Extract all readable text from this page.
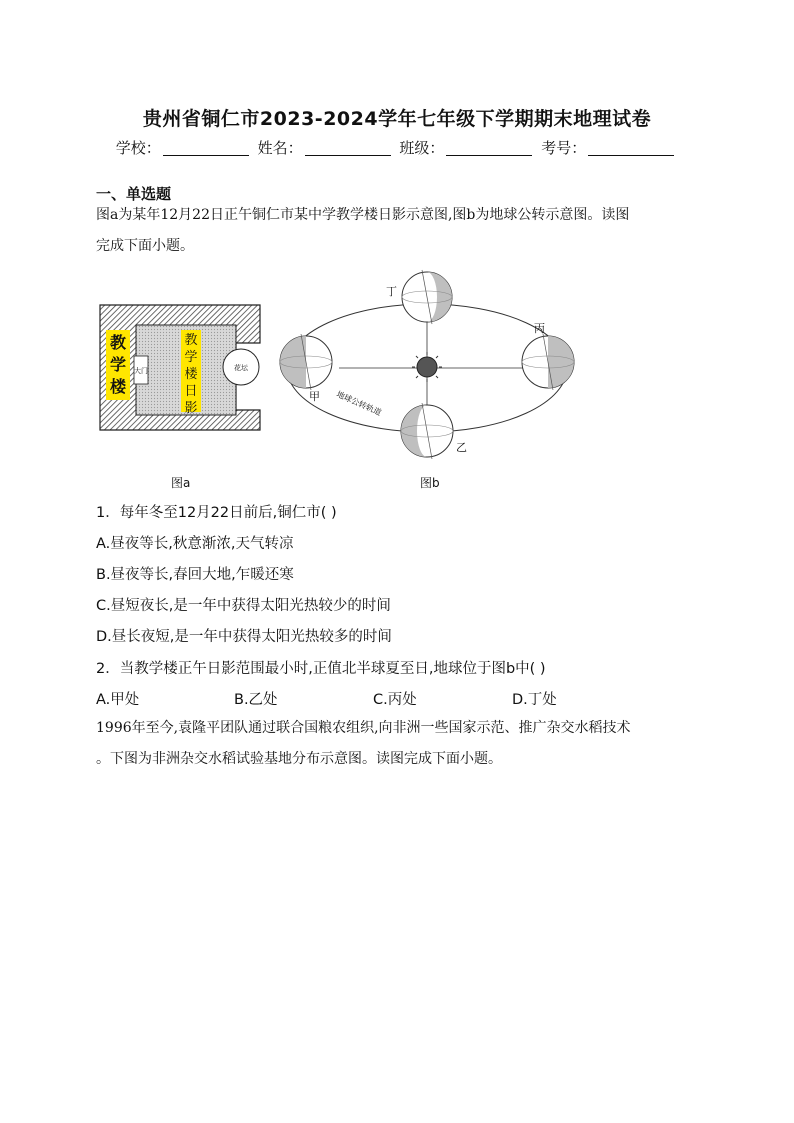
贵州省铜仁市2023-2024学年七年级下学期期末地理试卷
学校：	姓名：	班级：	考号：
一、单选题
图a为某年12月22日正午铜仁市某中学教学楼日影示意图,图b为地球公转示意图。读图
完成下面小题。
教
学
楼
教
学
楼
日
影
大门	花坛
丁
丙
甲
乙
地球公转轨道
图a	图b
1．每年冬至12月22日前后,铜仁市( )
A.昼夜等长,秋意渐浓,天气转凉
B.昼夜等长,春回大地,乍暖还寒
C.昼短夜长,是一年中获得太阳光热较少的时间
D.昼长夜短,是一年中获得太阳光热较多的时间
2．当教学楼正午日影范围最小时,正值北半球夏至日,地球位于图b中( )
A.甲处	B.乙处	C.丙处	D.丁处
1996年至今,袁隆平团队通过联合国粮农组织,向非洲一些国家示范、推广杂交水稻技术
。下图为非洲杂交水稻试验基地分布示意图。读图完成下面小题。
